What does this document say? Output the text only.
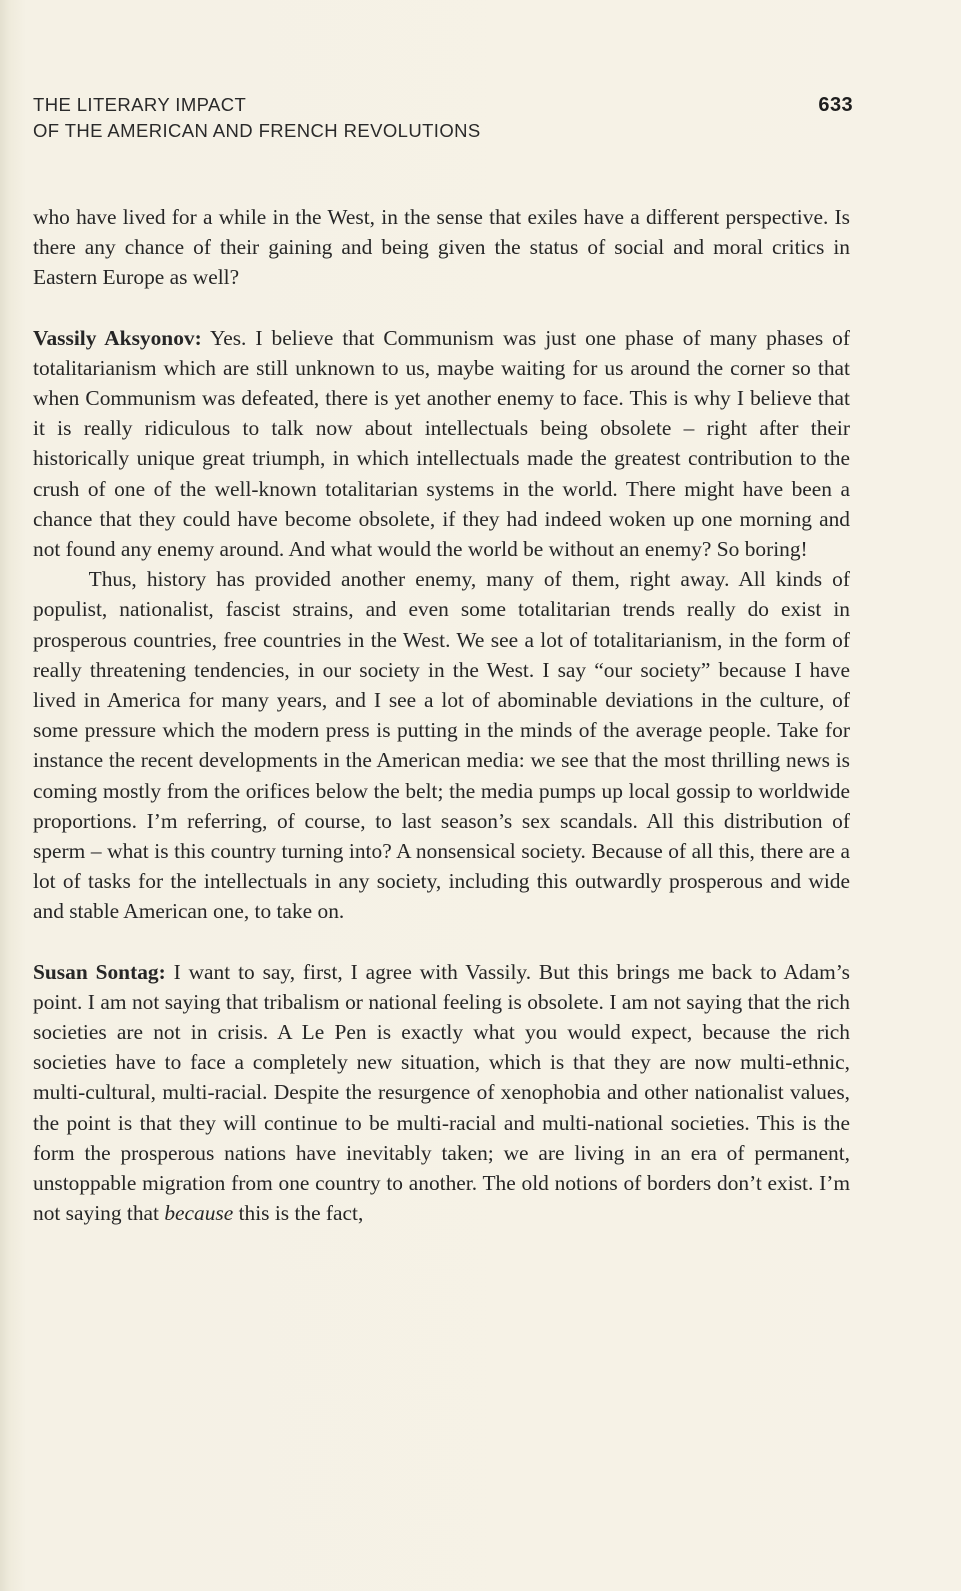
THE LITERARY IMPACT
OF THE AMERICAN AND FRENCH REVOLUTIONS
633

who have lived for a while in the West, in the sense that exiles have a different perspective. Is there any chance of their gaining and being given the status of social and moral critics in Eastern Europe as well?

Vassily Aksyonov: Yes. I believe that Communism was just one phase of many phases of totalitarianism which are still unknown to us, maybe waiting for us around the corner so that when Communism was defeated, there is yet another enemy to face. This is why I believe that it is really ridiculous to talk now about intellectuals being obsolete – right after their historically unique great triumph, in which intellectuals made the greatest contribution to the crush of one of the well-known totalitarian systems in the world. There might have been a chance that they could have become obsolete, if they had indeed woken up one morning and not found any enemy around. And what would the world be without an enemy? So boring!

Thus, history has provided another enemy, many of them, right away. All kinds of populist, nationalist, fascist strains, and even some totalitarian trends really do exist in prosperous countries, free countries in the West. We see a lot of totalitarianism, in the form of really threatening tendencies, in our society in the West. I say “our society” because I have lived in America for many years, and I see a lot of abominable deviations in the culture, of some pressure which the modern press is putting in the minds of the average people. Take for instance the recent developments in the American media: we see that the most thrilling news is coming mostly from the orifices below the belt; the media pumps up local gossip to worldwide proportions. I’m referring, of course, to last season’s sex scandals. All this distribution of sperm – what is this country turning into? A nonsensical society. Because of all this, there are a lot of tasks for the intellectuals in any society, including this outwardly prosperous and wide and stable American one, to take on.

Susan Sontag: I want to say, first, I agree with Vassily. But this brings me back to Adam’s point. I am not saying that tribalism or national feeling is obsolete. I am not saying that the rich societies are not in crisis. A Le Pen is exactly what you would expect, because the rich societies have to face a completely new situation, which is that they are now multi-ethnic, multi-cultural, multi-racial. Despite the resurgence of xenophobia and other nationalist values, the point is that they will continue to be multi-racial and multi-national societies. This is the form the prosperous nations have inevitably taken; we are living in an era of permanent, unstoppable migration from one country to another. The old notions of borders don’t exist. I’m not saying that because this is the fact,
